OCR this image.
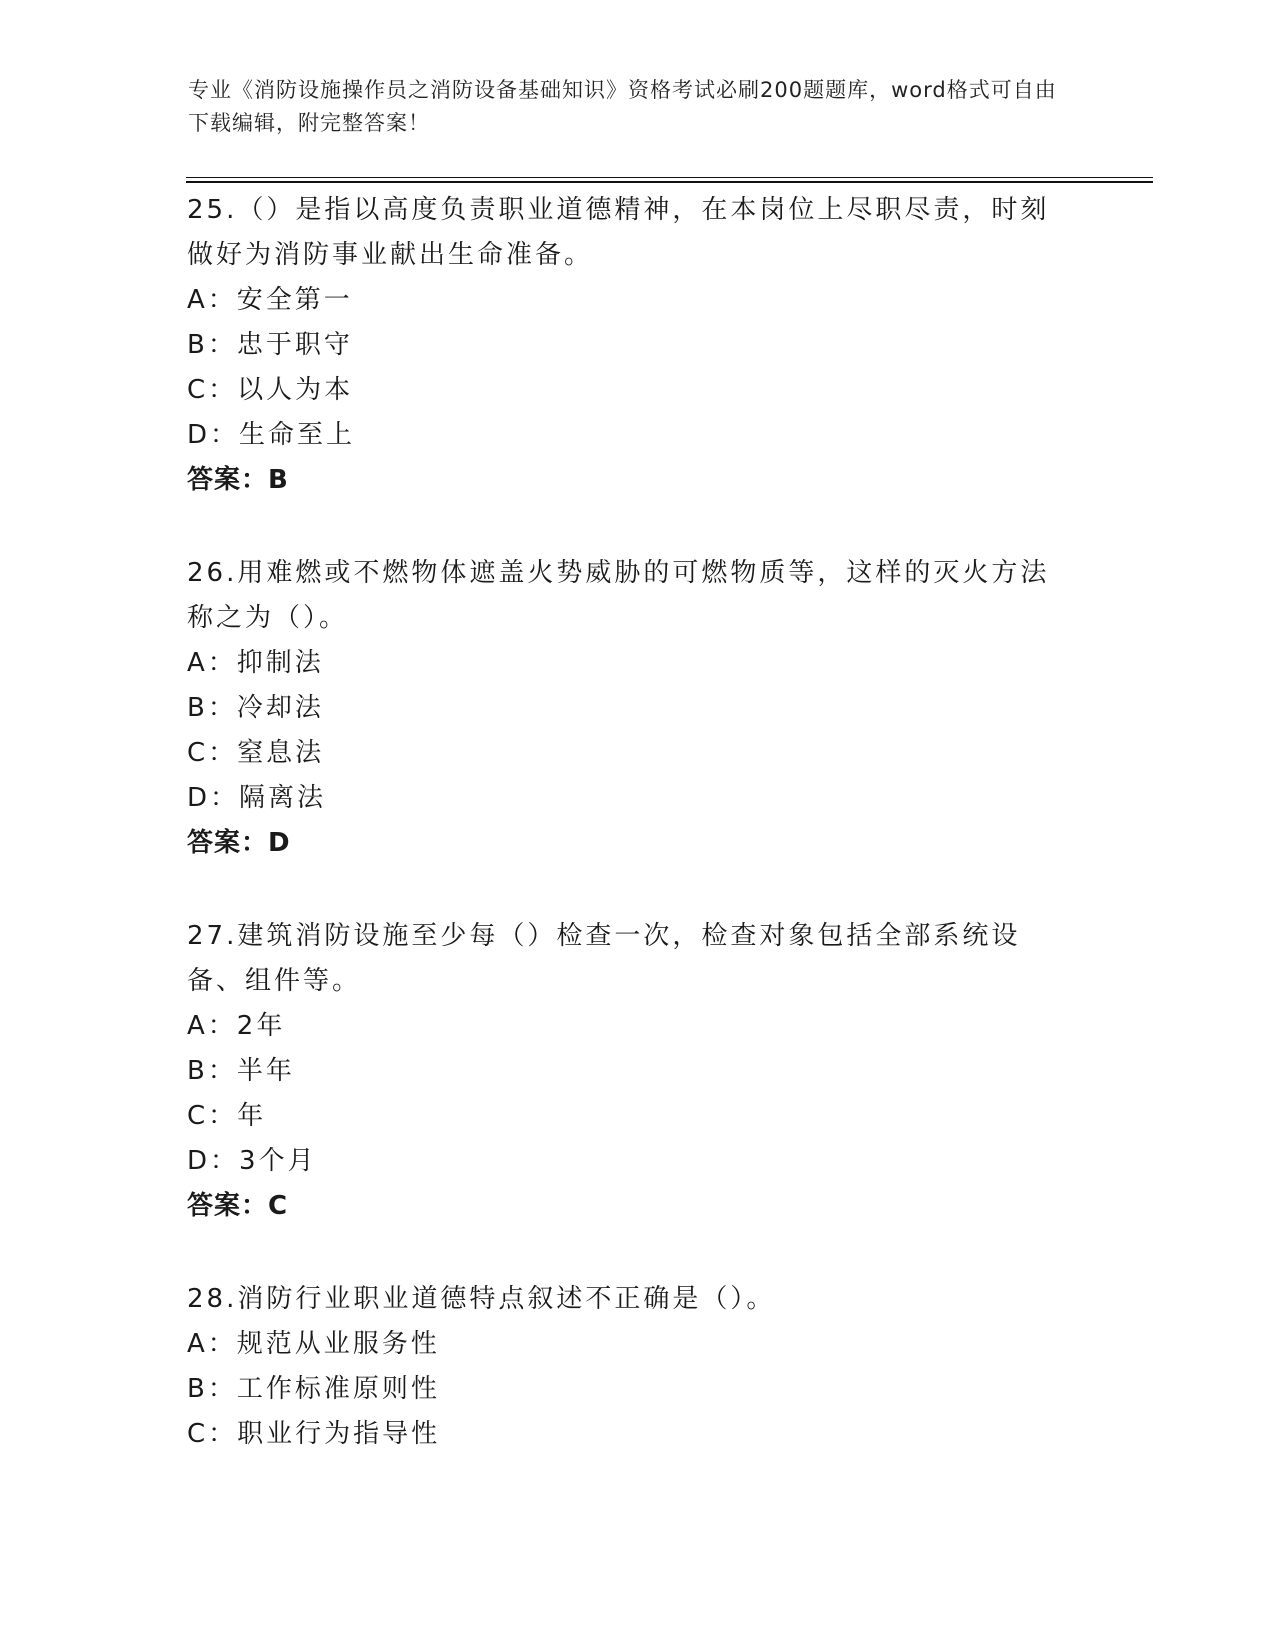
专业《消防设施操作员之消防设备基础知识》资格考试必刷200题题库，word格式可自由下载编辑，附完整答案！

25.（）是指以高度负责职业道德精神，在本岗位上尽职尽责，时刻做好为消防事业献出生命准备。

A：安全第一

B：忠于职守

C：以人为本

D：生命至上

答案：B

26.用难燃或不燃物体遮盖火势威胁的可燃物质等，这样的灭火方法称之为（）。

A：抑制法

B：冷却法

C：窒息法

D：隔离法

答案：D

27.建筑消防设施至少每（）检查一次，检查对象包括全部系统设备、组件等。

A：2年

B：半年

C：年

D：3个月

答案：C

28.消防行业职业道德特点叙述不正确是（）。

A：规范从业服务性

B：工作标准原则性

C：职业行为指导性
